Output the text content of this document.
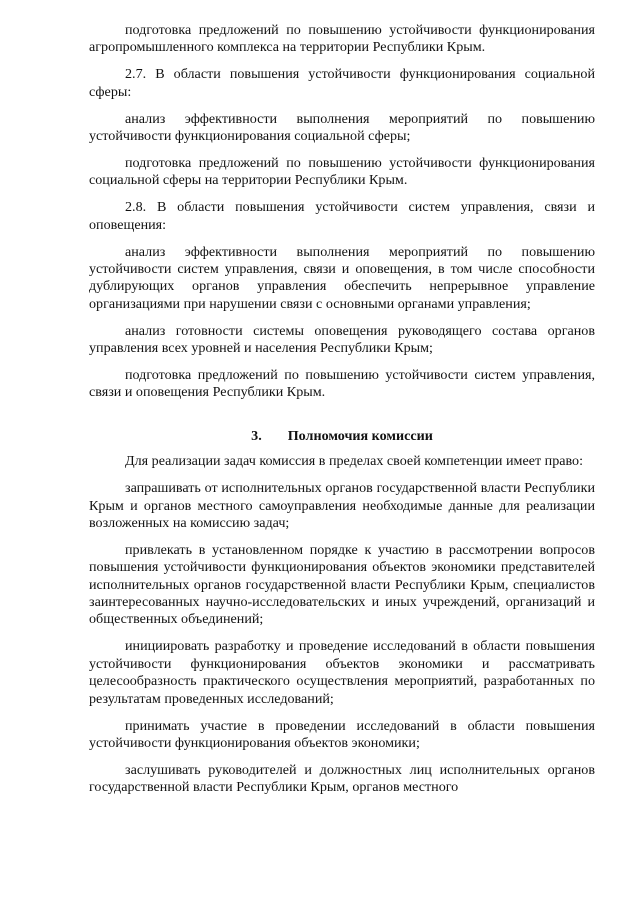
подготовка предложений по повышению устойчивости функционирования агропромышленного комплекса на территории Республики Крым.

2.7. В области повышения устойчивости функционирования социальной сферы:

анализ эффективности выполнения мероприятий по повышению устойчивости функционирования социальной сферы;

подготовка предложений по повышению устойчивости функционирования социальной сферы на территории Республики Крым.

2.8. В области повышения устойчивости систем управления, связи и оповещения:

анализ эффективности выполнения мероприятий по повышению устойчивости систем управления, связи и оповещения, в том числе способности дублирующих органов управления обеспечить непрерывное управление организациями при нарушении связи с основными органами управления;

анализ готовности системы оповещения руководящего состава органов управления всех уровней и населения Республики Крым;

подготовка предложений по повышению устойчивости систем управления, связи и оповещения Республики Крым.

3. Полномочия комиссии

Для реализации задач комиссия в пределах своей компетенции имеет право:

запрашивать от исполнительных органов государственной власти Республики Крым и органов местного самоуправления необходимые данные для реализации возложенных на комиссию задач;

привлекать в установленном порядке к участию в рассмотрении вопросов повышения устойчивости функционирования объектов экономики представителей исполнительных органов государственной власти Республики Крым, специалистов заинтересованных научно-исследовательских и иных учреждений, организаций и общественных объединений;

инициировать разработку и проведение исследований в области повышения устойчивости функционирования объектов экономики и рассматривать целесообразность практического осуществления мероприятий, разработанных по результатам проведенных исследований;

принимать участие в проведении исследований в области повышения устойчивости функционирования объектов экономики;

заслушивать руководителей и должностных лиц исполнительных органов государственной власти Республики Крым, органов местного
